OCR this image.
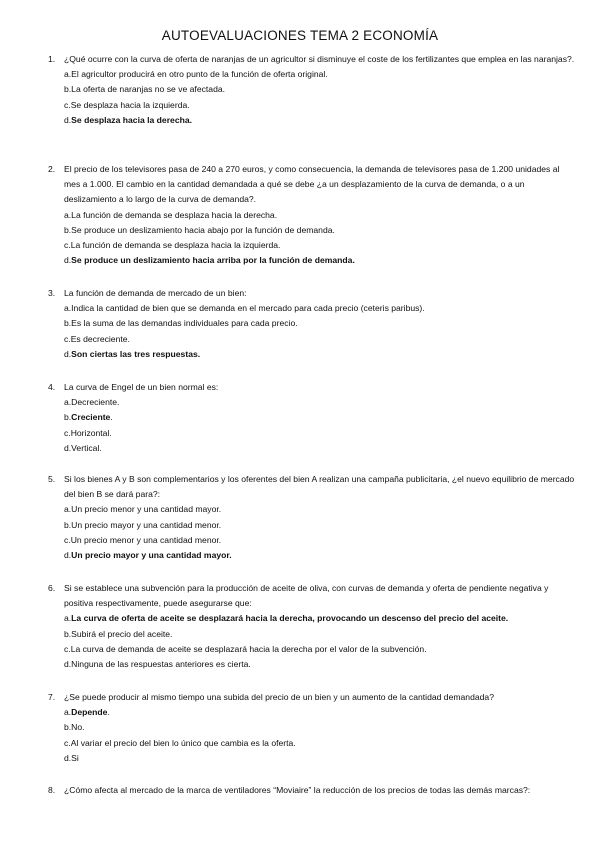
AUTOEVALUACIONES TEMA 2 ECONOMÍA
1. ¿Qué ocurre con la curva de oferta de naranjas de un agricultor si disminuye el coste de los fertilizantes que emplea en las naranjas?.
a.El agricultor producirá en otro punto de la función de oferta original.
b.La oferta de naranjas no se ve afectada.
c.Se desplaza hacia la izquierda.
d.Se desplaza hacia la derecha.
2. El precio de los televisores pasa de 240 a 270 euros, y como consecuencia, la demanda de televisores pasa de 1.200 unidades al mes a 1.000. El cambio en la cantidad demandada a qué se debe ¿a un desplazamiento de la curva de demanda, o a un deslizamiento a lo largo de la curva de demanda?.
a.La función de demanda se desplaza hacia la derecha.
b.Se produce un deslizamiento hacia abajo por la función de demanda.
c.La función de demanda se desplaza hacia la izquierda.
d.Se produce un deslizamiento hacia arriba por la función de demanda.
3. La función de demanda de mercado de un bien:
a.Indica la cantidad de bien que se demanda en el mercado para cada precio (ceteris paribus).
b.Es la suma de las demandas individuales para cada precio.
c.Es decreciente.
d.Son ciertas las tres respuestas.
4. La curva de Engel de un bien normal es:
a.Decreciente.
b.Creciente.
c.Horizontal.
d.Vertical.
5. Si los bienes A y B son complementarios y los oferentes del bien A realizan una campaña publicitaria, ¿el nuevo equilibrio de mercado del bien B se dará para?:
a.Un precio menor y una cantidad mayor.
b.Un precio mayor y una cantidad menor.
c.Un precio menor y una cantidad menor.
d.Un precio mayor y una cantidad mayor.
6. Si se establece una subvención para la producción de aceite de oliva, con curvas de demanda y oferta de pendiente negativa y positiva respectivamente, puede asegurarse que:
a.La curva de oferta de aceite se desplazará hacia la derecha, provocando un descenso del precio del aceite.
b.Subirá el precio del aceite.
c.La curva de demanda de aceite se desplazará hacia la derecha por el valor de la subvención.
d.Ninguna de las respuestas anteriores es cierta.
7. ¿Se puede producir al mismo tiempo una subida del precio de un bien y un aumento de la cantidad demandada?
a.Depende.
b.No.
c.Al variar el precio del bien lo único que cambia es la oferta.
d.Si
8. ¿Cómo afecta al mercado de la marca de ventiladores “Moviaire” la reducción de los precios de todas las demás marcas?:
